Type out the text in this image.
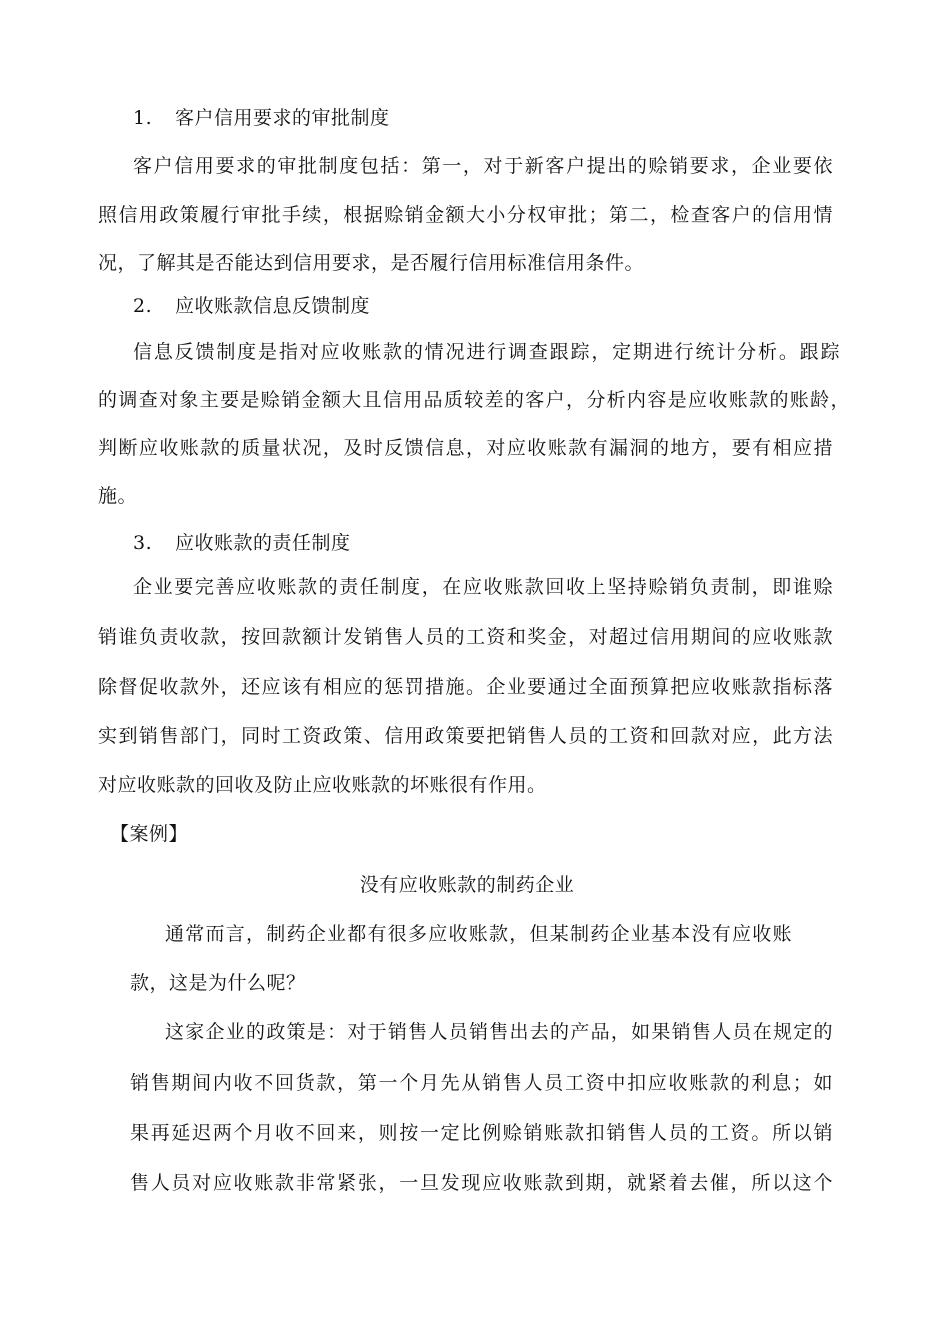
1. 客户信用要求的审批制度
客户信用要求的审批制度包括：第一，对于新客户提出的赊销要求，企业要依
照信用政策履行审批手续，根据赊销金额大小分权审批；第二，检查客户的信用情
况，了解其是否能达到信用要求，是否履行信用标准信用条件。
2. 应收账款信息反馈制度
信息反馈制度是指对应收账款的情况进行调查跟踪，定期进行统计分析。跟踪
的调查对象主要是赊销金额大且信用品质较差的客户，分析内容是应收账款的账龄，
判断应收账款的质量状况，及时反馈信息，对应收账款有漏洞的地方，要有相应措
施。
3. 应收账款的责任制度
企业要完善应收账款的责任制度，在应收账款回收上坚持赊销负责制，即谁赊
销谁负责收款，按回款额计发销售人员的工资和奖金，对超过信用期间的应收账款
除督促收款外，还应该有相应的惩罚措施。企业要通过全面预算把应收账款指标落
实到销售部门，同时工资政策、信用政策要把销售人员的工资和回款对应，此方法
对应收账款的回收及防止应收账款的坏账很有作用。
【案例】
没有应收账款的制药企业
通常而言，制药企业都有很多应收账款，但某制药企业基本没有应收账
款，这是为什么呢？
这家企业的政策是：对于销售人员销售出去的产品，如果销售人员在规定的
销售期间内收不回货款，第一个月先从销售人员工资中扣应收账款的利息；如
果再延迟两个月收不回来，则按一定比例赊销账款扣销售人员的工资。所以销
售人员对应收账款非常紧张，一旦发现应收账款到期，就紧着去催，所以这个
